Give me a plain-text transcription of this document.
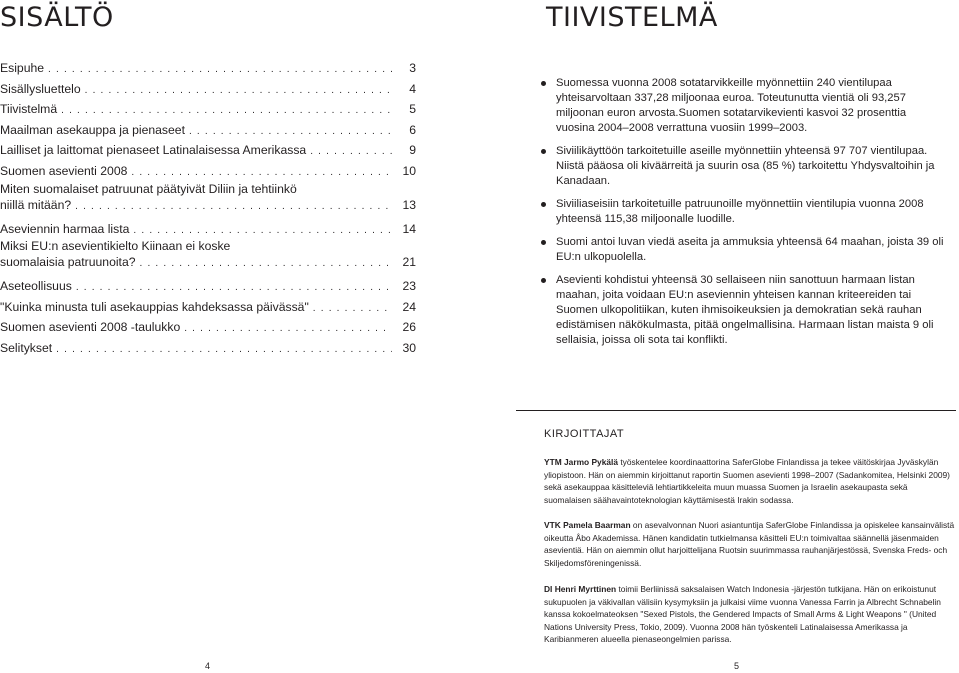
SISÄLTÖ
Esipuhe . . .	3
Sisällysluettelo . . .	4
Tiivistelmä . . .	5
Maailman asekauppa ja pienaseet . . .	6
Lailliset ja laittomat pienaseet Latinalaisessa Amerikassa . . .	9
Suomen asevienti 2008 . . .	10
Miten suomalaiset patruunat päätyivät Diliin ja tehtiinkö
niillä mitään? . . .	13
Aseviennin harmaa lista . . .	14
Miksi EU:n asevientikielto Kiinaan ei koske
suomalaisia patruunoita? . . .	21
Aseteollisuus . . .	23
"Kuinka minusta tuli asekauppias kahdeksassa päivässä" . . .	24
Suomen asevienti 2008 -taulukko . . .	26
Selitykset . . .	30
4
TIIVISTELMÄ
Suomessa vuonna 2008 sotatarvikkeille myönnettiin 240 vientilupaa yhteisarvoltaan 337,28 miljoonaa euroa. Toteutunutta vientiä oli 93,257 miljoonan euron arvosta.Suomen sotatarvikevienti kasvoi 32 prosenttia vuosina 2004–2008 verrattuna vuosiin 1999–2003.
Siviilikäyttöön tarkoitetuille aseille myönnettiin yhteensä 97 707 vientilupaa. Niistä pääosa oli kiväärreitä ja suurin osa (85 %) tarkoitettu Yhdysvaltoihin ja Kanadaan.
Siviiliaseisiin tarkoitetuille patruunoille myönnettiin vientilupia vuonna 2008 yhteensä 115,38 miljoonalle luodille.
Suomi antoi luvan viedä aseita ja ammuksia yhteensä 64 maahan, joista 39 oli EU:n ulkopuolella.
Asevienti kohdistui yhteensä 30 sellaiseen niin sanottuun harmaan listan maahan, joita voidaan EU:n aseviennin yhteisen kannan kriteereiden tai Suomen ulkopolitiikan, kuten ihmisoikeuksien ja demokratian sekä rauhan edistämisen näkökulmasta, pitää ongelmallisina. Harmaan listan maista 9 oli sellaisia, joissa oli sota tai konflikti.
KIRJOITTAJAT

YTM Jarmo Pykälä työskentelee koordinaattorina SaferGlobe Finlandissa ja tekee väitöskirjaa Jyväskylän yliopistoon. Hän on aiemmin kirjoittanut raportin Suomen asevienti 1998–2007 (Sadankomitea, Helsinki 2009) sekä asekauppaa käsitteleviä lehtiartikkeleita muun muassa Suomen ja Israelin asekaupasta sekä suomalaisen säähavaintoteknologian käyttämisestä Irakin sodassa.

VTK Pamela Baarman on asevalvonnan Nuori asiantuntija SaferGlobe Finlandissa ja opiskelee kansainvälistä oikeutta Åbo Akademissa. Hänen kandidatin tutkielmansa käsitteli EU:n toimivaltaa säännellä jäsenmaiden asevientiä. Hän on aiemmin ollut harjoittelijana Ruotsin suurimmassa rauhanjärjestössä, Svenska Freds- och Skiljedomsföreningenissä.

DI Henri Myrttinen toimii Berliinissä saksalaisen Watch Indonesia -järjestön tutkijana. Hän on erikoistunut sukupuolen ja väkivallan välisiin kysymyksiin ja julkaisi viime vuonna Vanessa Farrin ja Albrecht Schnabelin kanssa kokoelmateoksen "Sexed Pistols, the Gendered Impacts of Small Arms & Light Weapons " (United Nations University Press, Tokio, 2009). Vuonna 2008 hän työskenteli Latinalaisessa Amerikassa ja Karibianmeren alueella pienaseongelmien parissa.

5
